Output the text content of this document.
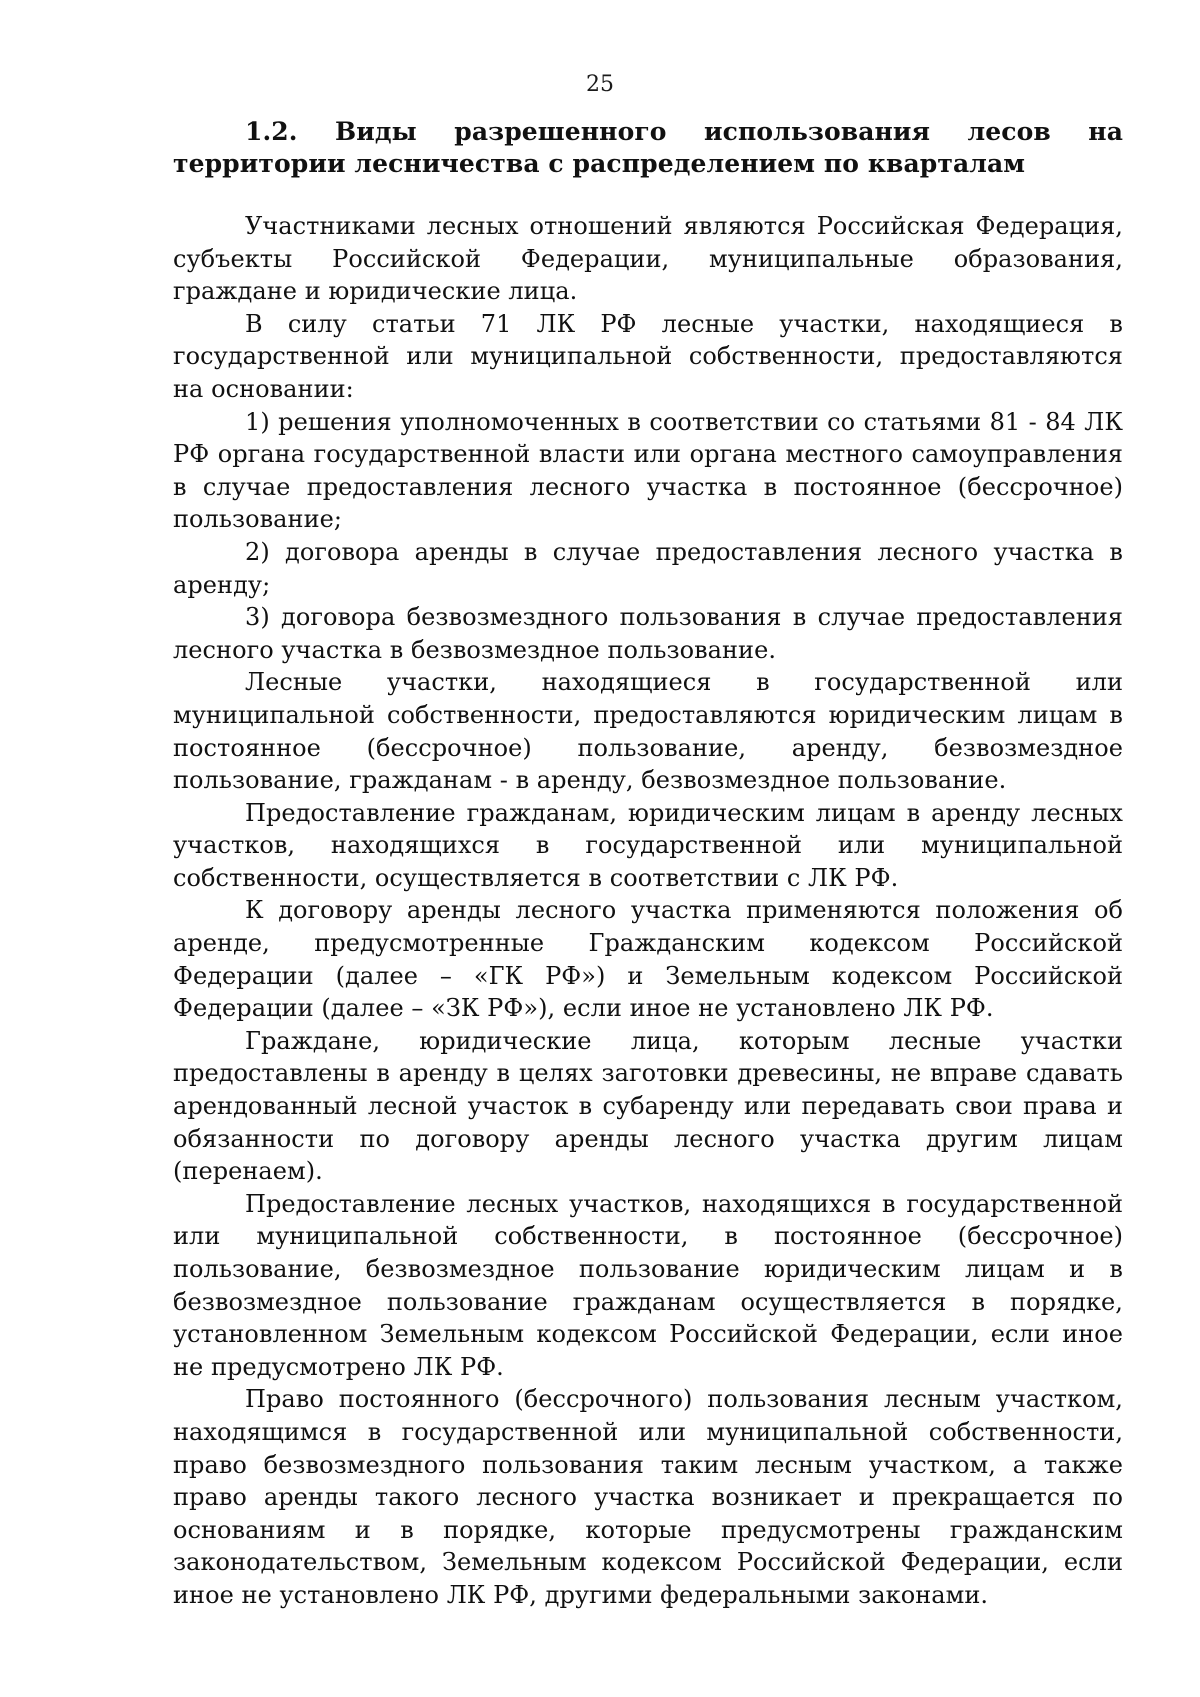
25
1.2. Виды разрешенного использования лесов на территории лесничества с распределением по кварталам

Участниками лесных отношений являются Российская Федерация, субъекты Российской Федерации, муниципальные образования, граждане и юридические лица.

В силу статьи 71 ЛК РФ лесные участки, находящиеся в государственной или муниципальной собственности, предоставляются на основании:

1) решения уполномоченных в соответствии со статьями 81 - 84 ЛК РФ органа государственной власти или органа местного самоуправления в случае предоставления лесного участка в постоянное (бессрочное) пользование;

2) договора аренды в случае предоставления лесного участка в аренду;

3) договора безвозмездного пользования в случае предоставления лесного участка в безвозмездное пользование.

Лесные участки, находящиеся в государственной или муниципальной собственности, предоставляются юридическим лицам в постоянное (бессрочное) пользование, аренду, безвозмездное пользование, гражданам - в аренду, безвозмездное пользование.

Предоставление гражданам, юридическим лицам в аренду лесных участков, находящихся в государственной или муниципальной собственности, осуществляется в соответствии с ЛК РФ.

К договору аренды лесного участка применяются положения об аренде, предусмотренные Гражданским кодексом Российской Федерации (далее – «ГК РФ») и Земельным кодексом Российской Федерации (далее – «ЗК РФ»), если иное не установлено ЛК РФ.

Граждане, юридические лица, которым лесные участки предоставлены в аренду в целях заготовки древесины, не вправе сдавать арендованный лесной участок в субаренду или передавать свои права и обязанности по договору аренды лесного участка другим лицам (перенаем).

Предоставление лесных участков, находящихся в государственной или муниципальной собственности, в постоянное (бессрочное) пользование, безвозмездное пользование юридическим лицам и в безвозмездное пользование гражданам осуществляется в порядке, установленном Земельным кодексом Российской Федерации, если иное не предусмотрено ЛК РФ.

Право постоянного (бессрочного) пользования лесным участком, находящимся в государственной или муниципальной собственности, право безвозмездного пользования таким лесным участком, а также право аренды такого лесного участка возникает и прекращается по основаниям и в порядке, которые предусмотрены гражданским законодательством, Земельным кодексом Российской Федерации, если иное не установлено ЛК РФ, другими федеральными законами.
